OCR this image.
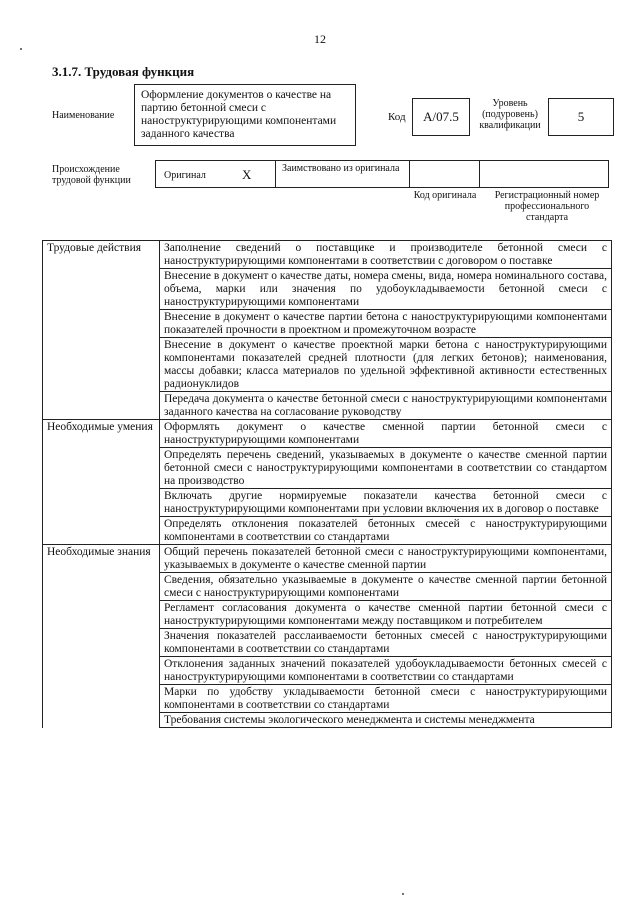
12
3.1.7. Трудовая функция
Наименование
Оформление документов о качестве на партию бетонной смеси с наноструктурирующими компонентами заданного качества
Код	A/07.5
Уровень (подуровень) квалификации
5
Происхождение трудовой функции	Оригинал	X	Заимствовано из оригинала
Код оригинала	Регистрационный номер профессионального стандарта
Трудовые действия	Заполнение сведений о поставщике и производителе бетонной смеси с наноструктурирующими компонентами в соответствии с договором о поставке
	Внесение в документ о качестве даты, номера смены, вида, номера номинального состава, объема, марки или значения по удобоукладываемости бетонной смеси с наноструктурирующими компонентами
	Внесение в документ о качестве партии бетона с наноструктурирующими компонентами показателей прочности в проектном и промежуточном возрасте
	Внесение в документ о качестве проектной марки бетона с наноструктурирующими компонентами показателей средней плотности (для легких бетонов); наименования, массы добавки; класса материалов по удельной эффективной активности естественных радионуклидов
	Передача документа о качестве бетонной смеси с наноструктурирующими компонентами заданного качества на согласование руководству
Необходимые умения	Оформлять документ о качестве сменной партии бетонной смеси с наноструктурирующими компонентами
	Определять перечень сведений, указываемых в документе о качестве сменной партии бетонной смеси с наноструктурирующими компонентами в соответствии со стандартом на производство
	Включать другие нормируемые показатели качества бетонной смеси с наноструктурирующими компонентами при условии включения их в договор о поставке
	Определять отклонения показателей бетонных смесей с наноструктурирующими компонентами в соответствии со стандартами
Необходимые знания	Общий перечень показателей бетонной смеси с наноструктурирующими компонентами, указываемых в документе о качестве сменной партии
	Сведения, обязательно указываемые в документе о качестве сменной партии бетонной смеси с наноструктурирующими компонентами
	Регламент согласования документа о качестве сменной партии бетонной смеси с наноструктурирующими компонентами между поставщиком и потребителем
	Значения показателей расслаиваемости бетонных смесей с наноструктурирующими компонентами в соответствии со стандартами
	Отклонения заданных значений показателей удобоукладываемости бетонных смесей с наноструктурирующими компонентами в соответствии со стандартами
	Марки по удобству укладываемости бетонной смеси с наноструктурирующими компонентами в соответствии со стандартами
	Требования системы экологического менеджмента и системы менеджмента
